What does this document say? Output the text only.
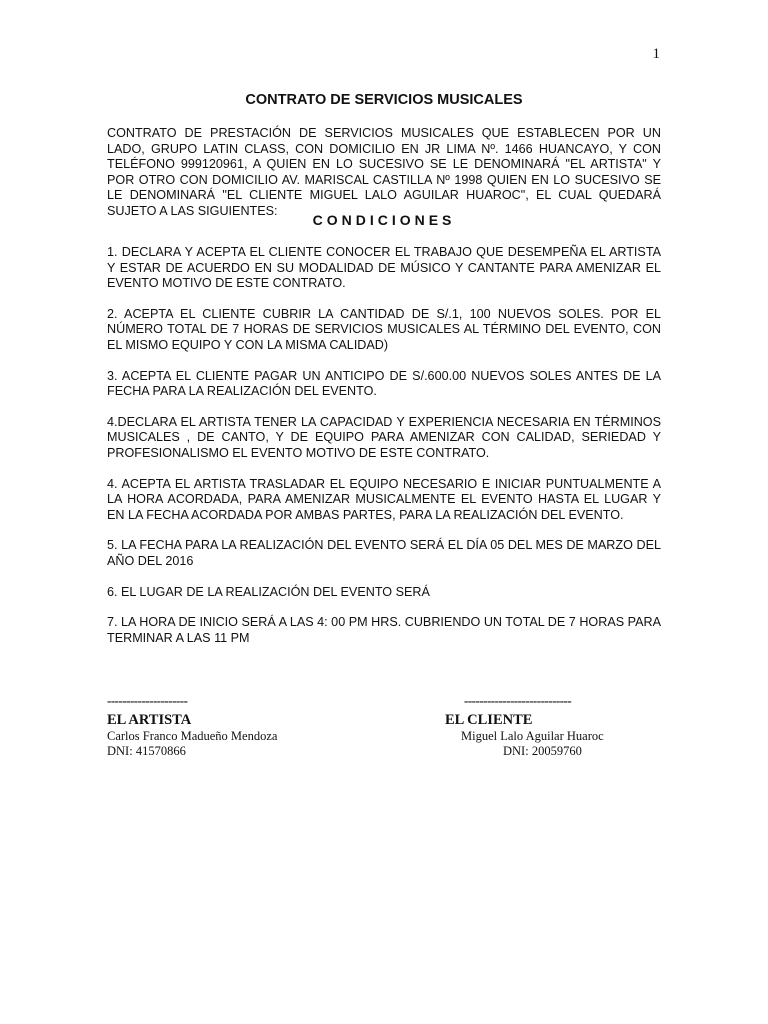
1
CONTRATO DE SERVICIOS MUSICALES
CONTRATO DE PRESTACIÓN DE SERVICIOS MUSICALES QUE ESTABLECEN POR UN LADO, GRUPO LATIN CLASS, CON DOMICILIO EN JR LIMA Nº. 1466 HUANCAYO, Y CON TELÉFONO 999120961, A QUIEN EN LO SUCESIVO SE LE DENOMINARÁ "EL ARTISTA" Y POR OTRO CON DOMICILIO AV. MARISCAL CASTILLA Nº 1998 QUIEN EN LO SUCESIVO SE LE DENOMINARÁ "EL CLIENTE MIGUEL LALO AGUILAR HUAROC", EL CUAL QUEDARÁ SUJETO A LAS SIGUIENTES:
CONDICIONES

1. DECLARA Y ACEPTA EL CLIENTE CONOCER EL TRABAJO QUE DESEMPEÑA EL ARTISTA Y ESTAR DE ACUERDO EN SU MODALIDAD DE MÚSICO Y CANTANTE PARA AMENIZAR EL EVENTO MOTIVO DE ESTE CONTRATO.

2. ACEPTA EL CLIENTE CUBRIR LA CANTIDAD DE S/.1, 100 NUEVOS SOLES. POR EL NÚMERO TOTAL DE 7 HORAS DE SERVICIOS MUSICALES AL TÉRMINO DEL EVENTO, CON EL MISMO EQUIPO Y CON LA MISMA CALIDAD)

3. ACEPTA EL CLIENTE PAGAR UN ANTICIPO DE S/.600.00 NUEVOS SOLES ANTES DE LA FECHA PARA LA REALIZACIÓN DEL EVENTO.

4.DECLARA EL ARTISTA TENER LA CAPACIDAD Y EXPERIENCIA NECESARIA EN TÉRMINOS MUSICALES , DE CANTO, Y DE EQUIPO PARA AMENIZAR CON CALIDAD, SERIEDAD Y PROFESIONALISMO EL EVENTO MOTIVO DE ESTE CONTRATO.

4. ACEPTA EL ARTISTA TRASLADAR EL EQUIPO NECESARIO E INICIAR PUNTUALMENTE A LA HORA ACORDADA, PARA AMENIZAR MUSICALMENTE EL EVENTO HASTA EL LUGAR Y EN LA FECHA ACORDADA POR AMBAS PARTES, PARA LA REALIZACIÓN DEL EVENTO.

5. LA FECHA PARA LA REALIZACIÓN DEL EVENTO SERÁ EL DÍA 05 DEL MES DE MARZO DEL AÑO DEL 2016

6. EL LUGAR DE LA REALIZACIÓN DEL EVENTO SERÁ

7. LA HORA DE INICIO SERÁ A LAS 4: 00 PM HRS. CUBRIENDO UN TOTAL DE 7 HORAS PARA TERMINAR A LAS 11 PM

---------------------
EL ARTISTA
Carlos Franco Madueño Mendoza
DNI: 41570866
----------------------------
EL CLIENTE
Miguel Lalo Aguilar Huaroc
DNI: 20059760
